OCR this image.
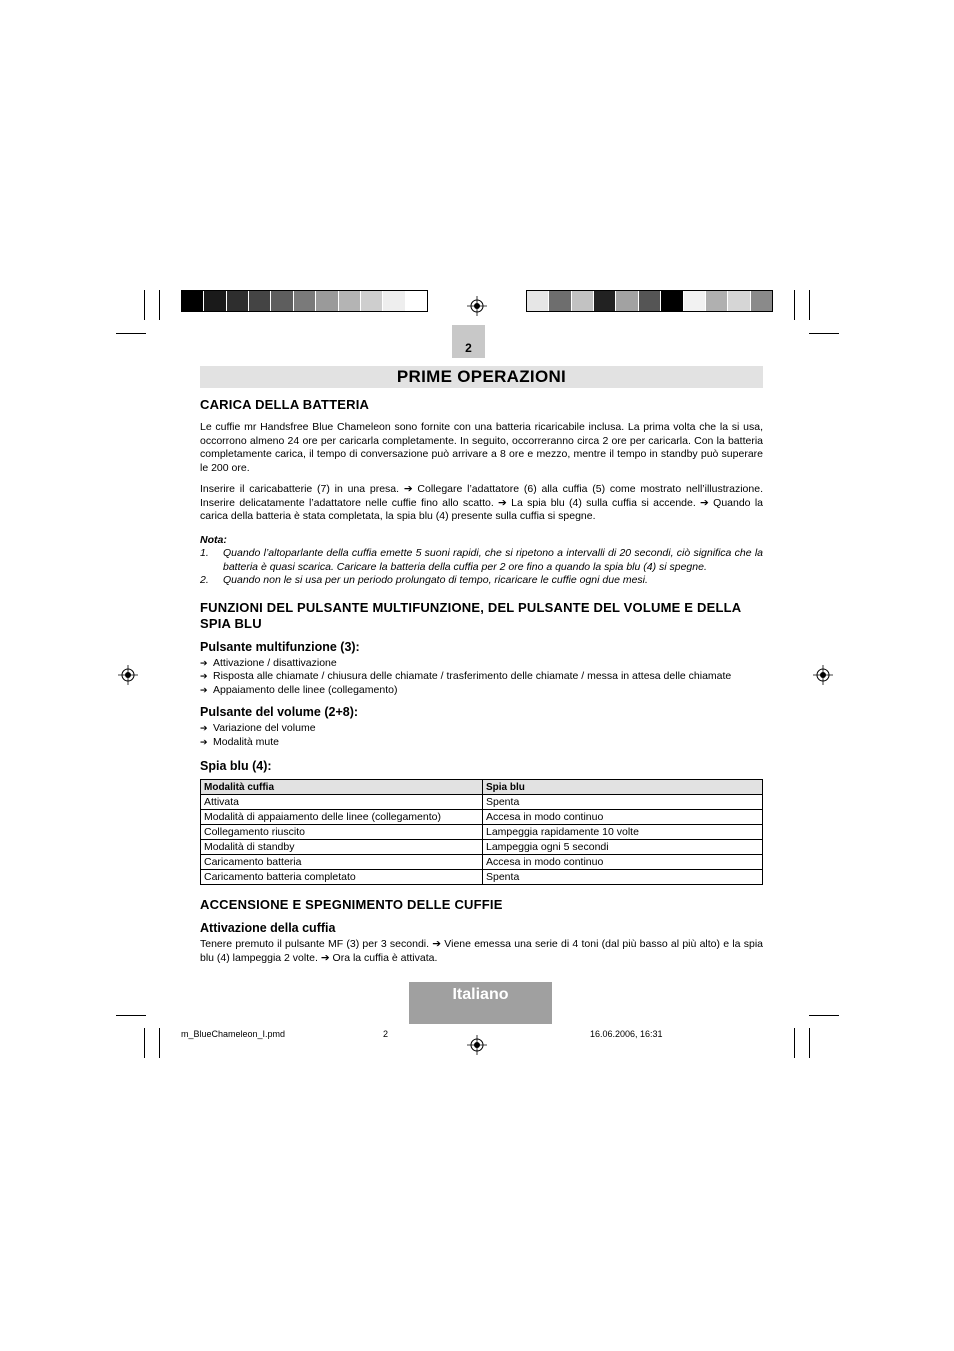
2
PRIME OPERAZIONI
CARICA DELLA BATTERIA

Le cuffie mr Handsfree Blue Chameleon sono fornite con una batteria ricaricabile inclusa. La prima volta che la si usa, occorrono almeno 24 ore per caricarla completamente. In seguito, occorreranno circa 2 ore per caricarla. Con la batteria completamente carica, il tempo di conversazione può arrivare a 8 ore e mezzo, mentre il tempo in standby può superare le 200 ore.

Inserire il caricabatterie (7) in una presa. ➔ Collegare l’adattatore (6) alla cuffia (5) come mostrato nell’illustrazione. Inserire delicatamente l’adattatore nelle cuffie fino allo scatto. ➔ La spia blu (4) sulla cuffia si accende. ➔ Quando la carica della batteria è stata completata, la spia blu (4) presente sulla cuffia si spegne.

Nota:
1. Quando l’altoparlante della cuffia emette 5 suoni rapidi, che si ripetono a intervalli di 20 secondi, ciò significa che la batteria è quasi scarica. Caricare la batteria della cuffia per 2 ore fino a quando la spia blu (4) si spegne.
2. Quando non le si usa per un periodo prolungato di tempo, ricaricare le cuffie ogni due mesi.
FUNZIONI DEL PULSANTE MULTIFUNZIONE, DEL PULSANTE DEL VOLUME E DELLA SPIA BLU
Pulsante multifunzione (3):
➔ Attivazione / disattivazione
➔ Risposta alle chiamate / chiusura delle chiamate / trasferimento delle chiamate / messa in attesa delle chiamate
➔ Appaiamento delle linee (collegamento)
Pulsante del volume (2+8):
➔ Variazione del volume
➔ Modalità mute
Spia blu (4):
Modalità cuffia	Spia blu
Attivata	Spenta
Modalità di appaiamento delle linee (collegamento)	Accesa in modo continuo
Collegamento riuscito	Lampeggia rapidamente 10 volte
Modalità di standby	Lampeggia ogni 5 secondi
Caricamento batteria	Accesa in modo continuo
Caricamento batteria completato	Spenta
ACCENSIONE E SPEGNIMENTO DELLE CUFFIE
Attivazione della cuffia

Tenere premuto il pulsante MF (3) per 3 secondi. ➔ Viene emessa una serie di 4 toni (dal più basso al più alto) e la spia blu (4) lampeggia 2 volte. ➔ Ora la cuffia è attivata.

Italiano
m_BlueChameleon_I.pmd	2	16.06.2006, 16:31
